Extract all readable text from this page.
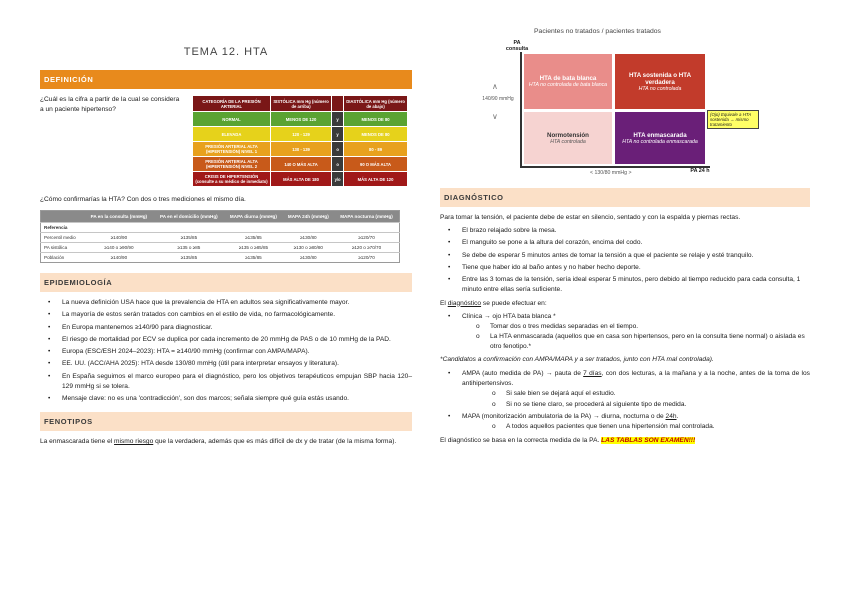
TEMA 12. HTA
DEFINICIÓN
¿Cuál es la cifra a partir de la cual se considera a un paciente hipertenso?
CATEGORÍA DE LA PRESIÓN ARTERIAL	SISTÓLICA mm Hg (número de arriba)		DIASTÓLICA mm Hg (número de abajo)
NORMAL	MENOS DE 120	y	MENOS DE 80
ELEVADA	120 - 129	y	MENOS DE 80
PRESIÓN ARTERIAL ALTA (HIPERTENSIÓN) NIVEL 1	130 - 139	o	80 - 89
PRESIÓN ARTERIAL ALTA (HIPERTENSIÓN) NIVEL 2	140 O MÁS ALTA	o	90 O MÁS ALTA
CRISIS DE HIPERTENSIÓN (consulte a su médico de inmediato)	MÁS ALTA DE 180	y/o	MÁS ALTA DE 120
¿Cómo confirmarías la HTA? Con dos o tres mediciones el mismo día.
	PA en la consulta (mmHg)	PA en el domicilio (mmHg)	MAPA diurna (mmHg)	MAPA 24h (mmHg)	MAPA nocturna (mmHg)
Referencia					
Percentil medio	≥140/90	≥135/85	≥135/85	≥130/80	≥120/70
PA sistólica	≥140 o ≥90/90	≥135 o ≥85	≥135 o ≥85/85	≥130 o ≥80/80	≥120 o ≥70/70
Población	≥140/90	≥135/85	≥135/85	≥130/80	≥120/70
EPIDEMIOLOGÍA
• La nueva definición USA hace que la prevalencia de HTA en adultos sea significativamente mayor.
• La mayoría de estos serán tratados con cambios en el estilo de vida, no farmacológicamente.
• En Europa mantenemos ≥140/90 para diagnosticar.
• El riesgo de mortalidad por ECV se duplica por cada incremento de 20 mmHg de PAS o de 10 mmHg de la PAD.
• Europa (ESC/ESH 2024–2023): HTA = ≥140/90 mmHg (confirmar con AMPA/MAPA).
• EE. UU. (ACC/AHA 2025): HTA desde 130/80 mmHg (útil para interpretar ensayos y literatura).
• En España seguimos el marco europeo para el diagnóstico, pero los objetivos terapéuticos empujan SBP hacia 120–129 mmHg si se tolera.
• Mensaje clave: no es una 'contradicción', son dos marcos; señala siempre qué guía estás usando.
FENOTIPOS
La enmascarada tiene el mismo riesgo que la verdadera, además que es más difícil de dx y de tratar (de la misma forma).
Pacientes no tratados / pacientes tratados
PA consulta
140/90 mmHg
∧
∨
HTA de bata blanca
HTA no controlada de bata blanca
HTA sostenida o HTA verdadera
HTA no controlada
Normotensión
HTA controlada
HTA enmascarada
HTA no controlada enmascarada
(Ojo) Equivale a HTA sostenida → mismo tratamiento
< 130/80 mmHg >	PA 24 h
DIAGNÓSTICO
Para tomar la tensión, el paciente debe de estar en silencio, sentado y con la espalda y piernas rectas.
• El brazo relajado sobre la mesa.
• El manguito se pone a la altura del corazón, encima del codo.
• Se debe de esperar 5 minutos antes de tomar la tensión a que el paciente se relaje y esté tranquilo.
• Tiene que haber ido al baño antes y no haber hecho deporte.
• Entre las 3 tomas de la tensión, sería ideal esperar 5 minutos, pero debido al tiempo reducido para cada consulta, 1 minuto entre ellas sería suficiente.
El diagnóstico se puede efectuar en:
• Clínica → ojo HTA bata blanca *
o Tomar dos o tres medidas separadas en el tiempo.
o La HTA enmascarada (aquellos que en casa son hipertensos, pero en la consulta tiene normal) o aislada es otro fenotipo.*
*Candidatos a confirmación con AMPA/MAPA y a ser tratados, junto con HTA mal controlada).
• AMPA (auto medida de PA) → pauta de 7 días, con dos lecturas, a la mañana y a la noche, antes de la toma de los antihipertensivos.
o Si sale bien se dejará aquí el estudio.
o Si no se tiene claro, se procederá al siguiente tipo de medida.
• MAPA (monitorización ambulatoria de la PA) → diurna, nocturna o de 24h.
o A todos aquellos pacientes que tienen una hipertensión mal controlada.
El diagnóstico se basa en la correcta medida de la PA. LAS TABLAS SON EXAMEN!!!
